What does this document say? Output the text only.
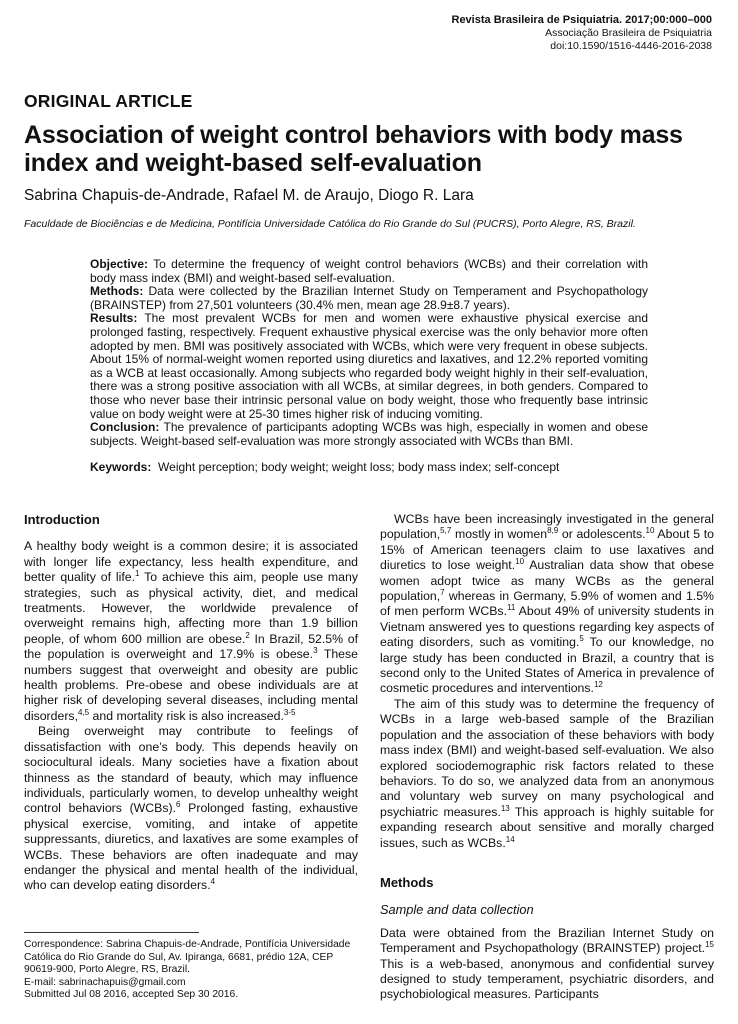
Revista Brasileira de Psiquiatria. 2017;00:000–000
Associação Brasileira de Psiquiatria
doi:10.1590/1516-4446-2016-2038
ORIGINAL ARTICLE
Association of weight control behaviors with body mass index and weight-based self-evaluation
Sabrina Chapuis-de-Andrade, Rafael M. de Araujo, Diogo R. Lara
Faculdade de Biociências e de Medicina, Pontifícia Universidade Católica do Rio Grande do Sul (PUCRS), Porto Alegre, RS, Brazil.

Objective: To determine the frequency of weight control behaviors (WCBs) and their correlation with body mass index (BMI) and weight-based self-evaluation.

Methods: Data were collected by the Brazilian Internet Study on Temperament and Psychopathology (BRAINSTEP) from 27,501 volunteers (30.4% men, mean age 28.9±8.7 years).

Results: The most prevalent WCBs for men and women were exhaustive physical exercise and prolonged fasting, respectively. Frequent exhaustive physical exercise was the only behavior more often adopted by men. BMI was positively associated with WCBs, which were very frequent in obese subjects. About 15% of normal-weight women reported using diuretics and laxatives, and 12.2% reported vomiting as a WCB at least occasionally. Among subjects who regarded body weight highly in their self-evaluation, there was a strong positive association with all WCBs, at similar degrees, in both genders. Compared to those who never base their intrinsic personal value on body weight, those who frequently base intrinsic value on body weight were at 25-30 times higher risk of inducing vomiting.

Conclusion: The prevalence of participants adopting WCBs was high, especially in women and obese subjects. Weight-based self-evaluation was more strongly associated with WCBs than BMI.

Keywords: Weight perception; body weight; weight loss; body mass index; self-concept
Introduction

A healthy body weight is a common desire; it is associated with longer life expectancy, less health expenditure, and better quality of life.$^1$ To achieve this aim, people use many strategies, such as physical activity, diet, and medical treatments. However, the worldwide prevalence of overweight remains high, affecting more than 1.9 billion people, of whom 600 million are obese.$^2$ In Brazil, 52.5% of the population is overweight and 17.9% is obese.$^3$ These numbers suggest that overweight and obesity are public health problems. Pre-obese and obese individuals are at higher risk of developing several diseases, including mental disorders,$^{4,5}$ and mortality risk is also increased.$^{3-5}$

Being overweight may contribute to feelings of dissatisfaction with one’s body. This depends heavily on sociocultural ideals. Many societies have a fixation about thinness as the standard of beauty, which may influence individuals, particularly women, to develop unhealthy weight control behaviors (WCBs).$^6$ Prolonged fasting, exhaustive physical exercise, vomiting, and intake of appetite suppressants, diuretics, and laxatives are some examples of WCBs. These behaviors are often inadequate and may endanger the physical and mental health of the individual, who can develop eating disorders.$^4$

Correspondence: Sabrina Chapuis-de-Andrade, Pontifícia Universidade Católica do Rio Grande do Sul, Av. Ipiranga, 6681, prédio 12A, CEP 90619-900, Porto Alegre, RS, Brazil.

E-mail: sabrinachapuis@gmail.com

Submitted Jul 08 2016, accepted Sep 30 2016.

WCBs have been increasingly investigated in the general population,$^{5,7}$ mostly in women$^{8,9}$ or adolescents.$^{10}$ About 5 to 15% of American teenagers claim to use laxatives and diuretics to lose weight.$^{10}$ Australian data show that obese women adopt twice as many WCBs as the general population,$^7$ whereas in Germany, 5.9% of women and 1.5% of men perform WCBs.$^{11}$ About 49% of university students in Vietnam answered yes to questions regarding key aspects of eating disorders, such as vomiting.$^5$ To our knowledge, no large study has been conducted in Brazil, a country that is second only to the United States of America in prevalence of cosmetic procedures and interventions.$^{12}$

The aim of this study was to determine the frequency of WCBs in a large web-based sample of the Brazilian population and the association of these behaviors with body mass index (BMI) and weight-based self-evaluation. We also explored sociodemographic risk factors related to these behaviors. To do so, we analyzed data from an anonymous and voluntary web survey on many psychological and psychiatric measures.$^{13}$ This approach is highly suitable for expanding research about sensitive and morally charged issues, such as WCBs.$^{14}$

Methods
Sample and data collection

Data were obtained from the Brazilian Internet Study on Temperament and Psychopathology (BRAINSTEP) project.$^{15}$ This is a web-based, anonymous and confidential survey designed to study temperament, psychiatric disorders, and psychobiological measures. Participants
